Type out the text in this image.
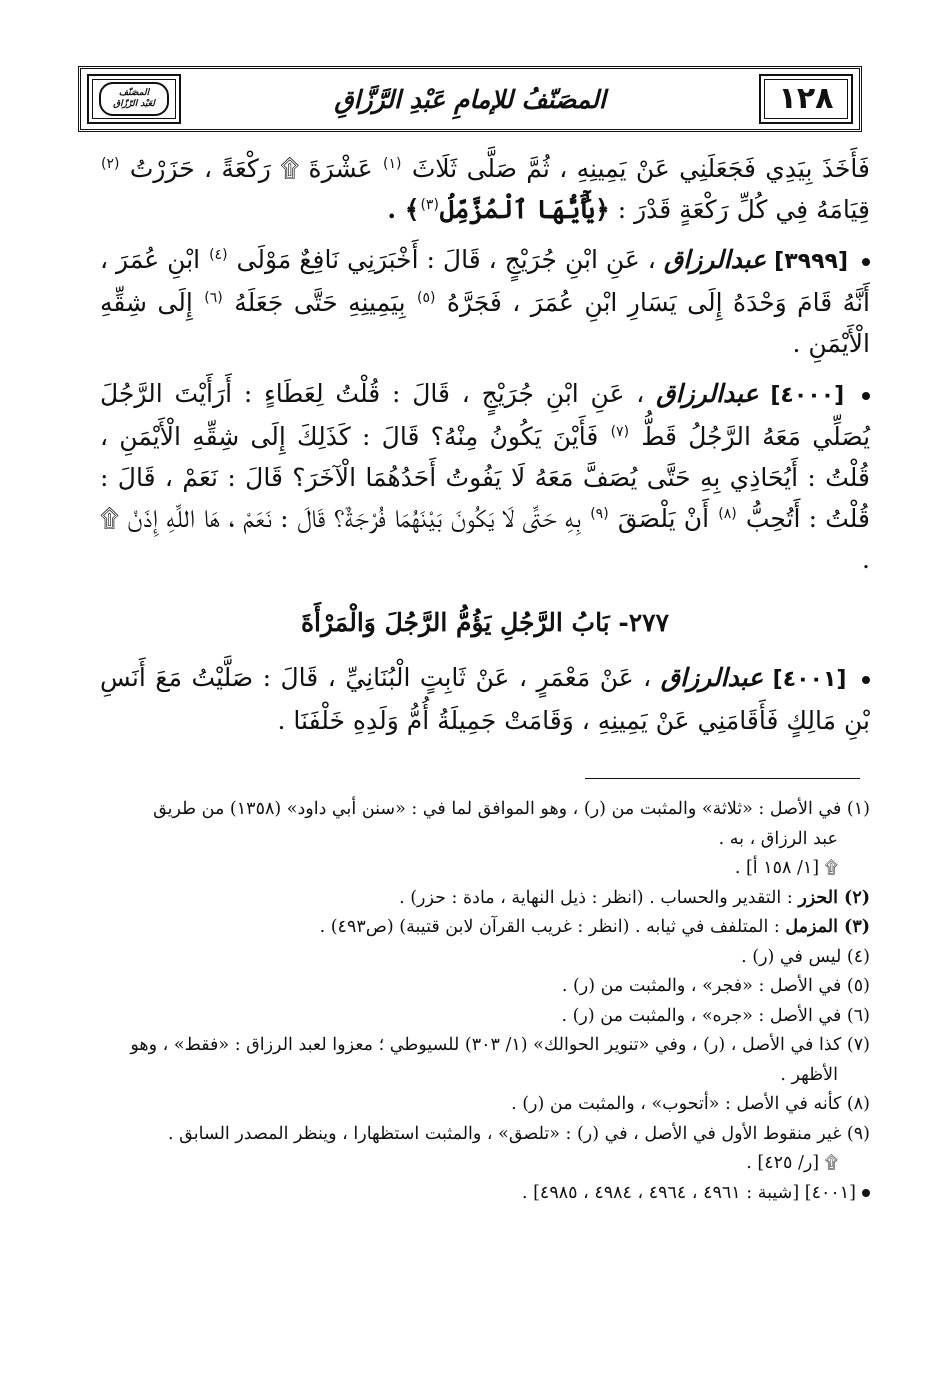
١٢٨
المصَنّفُ للإمامِ عَبْدِ الرَّزَّاقِ
المصَنّف
لعَبْد الرّزّاق

فَأَخَذَ بِيَدِي فَجَعَلَنِي عَنْ يَمِينِهِ ، ثُمَّ صَلَّى ثَلَاثَ $^{(١)}$ عَشْرَةَ ۩ رَكْعَةً ، حَزَرْتُ $^{(٢)}$ قِيَامَهُ فِي كُلِّ رَكْعَةٍ قَدْرَ : ﴿يَٰٓأَيُّهَا ٱلْمُزَّمِّلُ$^{(٣)}$﴾ .

[٣٩٩٩] عبدالرزاق ، عَنِ ابْنِ جُرَيْجٍ ، قَالَ : أَخْبَرَنِي نَافِعٌ مَوْلَى $^{(٤)}$ ابْنِ عُمَرَ ، أَنَّهُ قَامَ وَحْدَهُ إِلَى يَسَارِ ابْنِ عُمَرَ ، فَجَرَّهُ $^{(٥)}$ بِيَمِينِهِ حَتَّى جَعَلَهُ $^{(٦)}$ إِلَى شِقِّهِ الْأَيْمَنِ .

[٤٠٠٠] عبدالرزاق ، عَنِ ابْنِ جُرَيْجٍ ، قَالَ : قُلْتُ لِعَطَاءٍ : أَرَأَيْتَ الرَّجُلَ يُصَلِّي مَعَهُ الرَّجُلُ قَطُّ $^{(٧)}$ فَأَيْنَ يَكُونُ مِنْهُ؟ قَالَ : كَذَلِكَ إِلَى شِقِّهِ الْأَيْمَنِ ، قُلْتُ : أَيُحَاذِي بِهِ حَتَّى يُصَفَّ مَعَهُ لَا يَفُوتُ أَحَدُهُمَا الْآخَرَ؟ قَالَ : نَعَمْ ، قَالَ : قُلْتُ : أَتُحِبُّ $^{(٨)}$ أَنْ يَلْصَقَ $^{(٩)}$ بِهِ حَتَّى لَا يَكُونَ بَيْنَهُمَا فُرْجَةٌ؟ قَالَ : نَعَمْ ، هَا اللَّهِ إِذَنْ ۩ .

٢٧٧- بَابُ الرَّجُلِ يَؤُمُّ الرَّجُلَ وَالْمَرْأَةَ

[٤٠٠١] عبدالرزاق ، عَنْ مَعْمَرٍ ، عَنْ ثَابِتٍ الْبُنَانِيِّ ، قَالَ : صَلَّيْتُ مَعَ أَنَسِ بْنِ مَالِكٍ فَأَقَامَنِي عَنْ يَمِينِهِ ، وَقَامَتْ جَمِيلَةُ أُمُّ وَلَدِهِ خَلْفَنَا .

(١) في الأصل : «ثلاثة» والمثبت من (ر) ، وهو الموافق لما في : «سنن أبي داود» (١٣٥٨) من طريق

عبد الرزاق ، به .

۩ [١/ ١٥٨ أ] .

(٢) الحزر : التقدير والحساب . (انظر : ذيل النهاية ، مادة : حزر) .

(٣) المزمل : المتلفف في ثيابه . (انظر : غريب القرآن لابن قتيبة) (ص٤٩٣) .

(٤) ليس في (ر) .

(٥) في الأصل : «فجر» ، والمثبت من (ر) .

(٦) في الأصل : «جره» ، والمثبت من (ر) .

(٧) كذا في الأصل ، (ر) ، وفي «تنوير الحوالك» (١/ ٣٠٣) للسيوطي ؛ معزوا لعبد الرزاق : «فقط» ، وهو

الأظهر .

(٨) كأنه في الأصل : «أتحوب» ، والمثبت من (ر) .

(٩) غير منقوط الأول في الأصل ، في (ر) : «تلصق» ، والمثبت استظهارا ، وينظر المصدر السابق .

۩ [ر/ ٤٢٥] .

[٤٠٠١] [شيبة : ٤٩٦١ ، ٤٩٦٤ ، ٤٩٨٤ ، ٤٩٨٥] .
